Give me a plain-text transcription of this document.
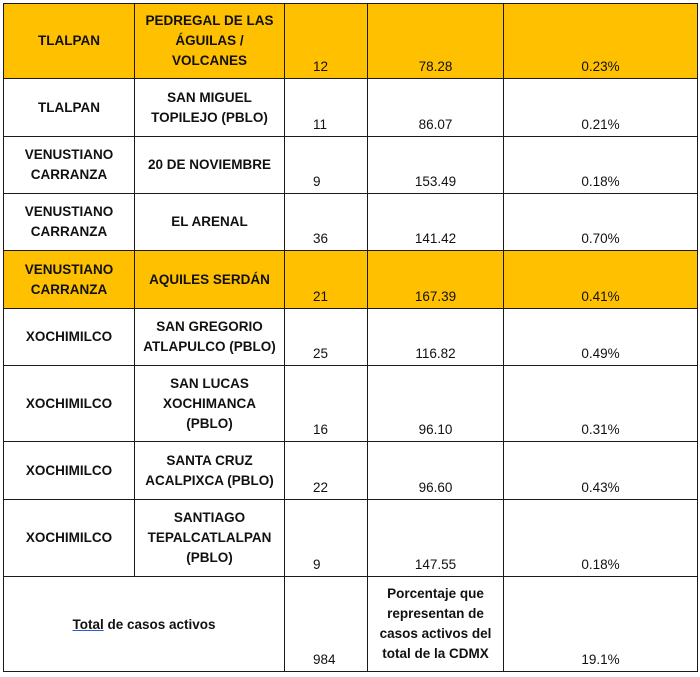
TLALPAN	PEDREGAL DE LAS ÁGUILAS / VOLCANES	12	78.28	0.23%
TLALPAN	SAN MIGUEL TOPILEJO (PBLO)	11	86.07	0.21%
VENUSTIANO CARRANZA	20 DE NOVIEMBRE	9	153.49	0.18%
VENUSTIANO CARRANZA	EL ARENAL	36	141.42	0.70%
VENUSTIANO CARRANZA	AQUILES SERDÁN	21	167.39	0.41%
XOCHIMILCO	SAN GREGORIO ATLAPULCO (PBLO)	25	116.82	0.49%
XOCHIMILCO	SAN LUCAS XOCHIMANCA (PBLO)	16	96.10	0.31%
XOCHIMILCO	SANTA CRUZ ACALPIXCA (PBLO)	22	96.60	0.43%
XOCHIMILCO	SANTIAGO TEPALCATLALPAN (PBLO)	9	147.55	0.18%
Total de casos activos		984	Porcentaje que representan de casos activos del total de la CDMX	19.1%
